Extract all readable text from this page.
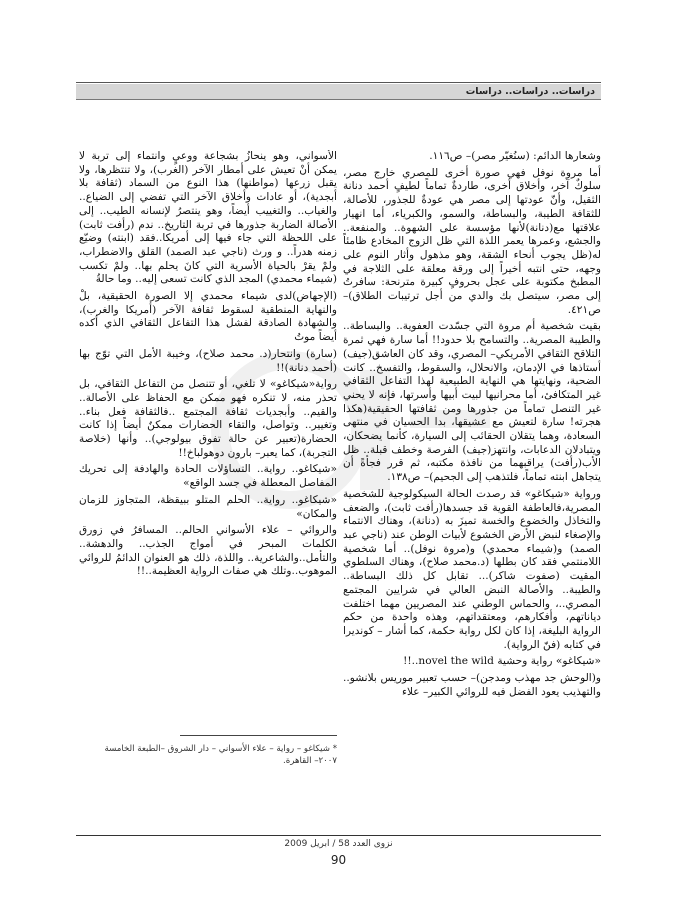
دراسات.. دراسات.. دراسات

وشعارها الدائم: (سنُغيّر مصر)– ص١١٦.

أما مروة نوفل فهي صورة أخرى للمصري خارج مصر، سلوكٌ آخر، وأخلاق أخرى، طاردةٌ تماماً لطيفٍ أحمد دنانة الثقيل، وأنّ عودتها إلى مصر هي عودةٌ للجذور، للأصالة، للثقافة الطيبة، والبساطة، والسمو، والكبرياء، أما انهيار علاقتها مع(دنانة)لأنها مؤسسة على الشهوة.. والمنفعة.. والجشع، وعمرها يعمر اللذة التي ظل الزوج المخادع ظامئاً له(ظل يجوب أنحاء الشقة، وهو مذهول وأثار النوم على وجهه، حتى انتبه أخيراً إلى ورقة معلقة على الثلاجة في المطبخ مكتوبة على عجل بحروفٍ كبيرة مترنحة: سافرتُ إلى مصر، سيتصل بك والدي من أجل ترتيبات الطلاق)– ص٤٢١.

بقيت شخصية أم مروة التي جسّدت العفوية.. والبساطة.. والطيبة المصرية.. والتسامح بلا حدود!! أما سارة فهي ثمرة التلاقح الثقافي الأمريكي– المصري، وقد كان العاشق(جيف) أستاذها في الإدمان، والانحلال، والسقوط، والتفسخ.. كانت الضحية، ونهايتها هي النهاية الطبيعية لهذا التفاعل الثقافي غير المتكافئ، أما محرانيها لبيت أبيها وأسرتها، فإنه لا يحني غير التنصل تماماً من جذورها ومن ثقافتها الحقيقية(هكذا هجرته! سارة لتعيش مع عشيقها، بدا الحسيان في منتهى السعادة، وهما يتقلان الحقائب إلى السيارة، كأنما يضحكان، ويتبادلان الدعابات، وانتهز(جيف) الفرصة وخطف قبلة.. ظل الأب(رأفت) يراقبهما من نافذة مكتبه، ثم قرر فجأةً أن يتجاهل ابنته تماماً، فلتذهب إلى الجحيم)– ص١٣٨.

ورواية «شيكاغو» قد رصدت الحالة السيكولوجية للشخصية المصرية،فالعاطفة القوية قد جسدها(رأفت ثابت)، والضعف والتخاذل والخضوع والخسة تميزَ به (دنانة)، وهناك الانتماء والإصغاء لنبض الأرض الخشوع لأبيات الوطن عند (ناجي عبد الصمد) و(شيماء محمدي) و(مروة نوفل).. أما شخصية اللامنتمي فقد كان بطلها (د.محمد صلاح)، وهناك السلطوي المقيت (صفوت شاكر)... تقابل كل ذلك البساطة.. والطيبة.. والأصالة النبض العالي في شرايين المجتمع المصري..، والحماس الوطني عند المصريين مهما اختلفت دياناتهم، وأفكارهم، ومعتقداتهم، وهذه واحدة من حكم الرواية البليغة، إذا كان لكل رواية حكمة، كما أشار – كونديرا في كتابه (فنّ الرواية).

«شيكاغو» رواية وحشية novel the wild..!!

و(الوحش جد مهذب ومدجن)– حسب تعبير موريس بلانشو.. والتهذيب يعود الفضل فيه للروائي الكبير– علاء

الأسواني، وهو ينحازُ بشجاعة ووعيٍ وانتماء إلى تربة لا يمكن أنْ تعيش على أمطار الآخر (الغرب)، ولا تنتظرها، ولا يقبل زرعها (مواطنها) هذا النوع من السماد (ثقافة بلا أبجدية)، أو عادات وأخلاق الآخر التي تفضي إلى الضياع.. والغياب.. والتغييب أيضاً، وهو ينتصرُ لإنسانه الطيب.. إلى الأصالة الضاربة جذورها في تربة التاريخ.. ندم (رأفت ثابت) على اللحظة التي جاء فيها إلى أمريكا..فقد (ابنته) وضيّع زمنه هدراً.. و ورث (ناجي عبد الصمد) القلق والاضطراب، ولمْ يقرْ بالحياة الأسرية التي كانَ يحلم بها.. ولمْ تكسب (شيماء محمدي) المجد الذي كانت تسعى إليه.. وما حالةُ

(الإجهاض)لدى شيماء محمدي إلا الصورة الحقيقية، بلْ والنهاية المنطقية لسقوط ثقافة الآخر (أمريكا والغرب)، والشهادة الصادقة لفشل هذا التفاعل الثقافي الذي أكده أيضاً موتُ

(سارة) وانتحار(د. محمد صلاح)، وخيبة الأمل التي توّج بها (أحمد دنانة)!!

رواية«شيكاغو» لا تلغي، أو تتنصل من التفاعل الثقافي، بل تحذر منه، لا تنكره فهو ممكن مع الحفاظ على الأصالة.. والقيم.. وأبجديات ثقافة المجتمع ..فالثقافة فعل بناء.. وتغيير.. وتواصل، والتقاء الحضارات ممكنٌ أيضاً إذا كانت الحضارة(تعبير عن حالة تفوق بيولوجي).. وأنها (خلاصة التجربة)، كما يعبر– بارون دوهولباخ!!

«شيكاغو.. رواية.. التساؤلات الحادة والهادفة إلى تحريك المفاصل المعطلة في جسد الواقع»

«شيكاغو.. رواية.. الحلم المتلو ببيقظة، المتجاوز للزمان والمكان»

والروائي – علاء الأسواني الحالم.. المسافرُ في زورق الكلمات المبحر في أمواج الجذب.. والدهشة.. والتأمل..والشاعرية.. واللذة، ذلك هو العنوان الدائمُ للروائي الموهوب..وتلك هي صفات الرواية العظيمة..!!

* شيكاغو – رواية – علاء الأسواني – دار الشروق –الطبعة الخامسة ٢٠٠٧– القاهرة.
نزوى العدد 58 / ابريل 2009
90
